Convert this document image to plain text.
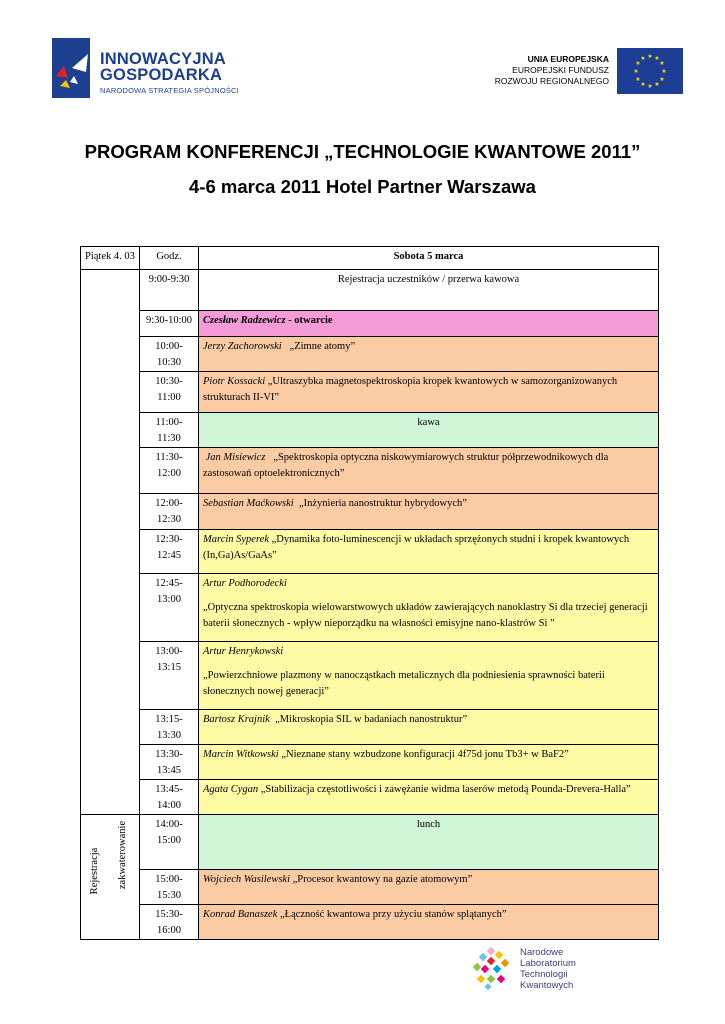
INNOWACYJNA
GOSPODARKA
NARODOWA STRATEGIA SPÓJNOŚCI
UNIA EUROPEJSKA
EUROPEJSKI FUNDUSZ
ROZWOJU REGIONALNEGO
★ ★
★
★
★
★
★
★
★
★
★
★
PROGRAM KONFERENCJI „TECHNOLOGIE KWANTOWE 2011”
4-6 marca 2011 Hotel Partner Warszawa
Piątek 4. 03	Godz.	Sobota 5 marca
	9:00-9:30	Rejestracja uczestników / przerwa kawowa
	9:30-10:00	Czesław Radzewicz - otwarcie
	10:00-10:30	Jerzy Zachorowski „Zimne atomy”
	10:30-11:00	Piotr Kossacki „Ultraszybka magnetospektroskopia kropek kwantowych w samozorganizowanych strukturach II-VI”
	11:00-11:30	kawa
	11:30-12:00	Jan Misiewicz „Spektroskopia optyczna niskowymiarowych struktur półprzewodnikowych dla zastosowań optoelektronicznych”
	12:00-12:30	Sebastian Maćkowski „Inżynieria nanostruktur hybrydowych”
	12:30-12:45	Marcin Syperek „Dynamika foto-luminescencji w układach sprzężonych studni i kropek kwantowych (In,Ga)As/GaAs”
	12:45-13:00	Artur Podhorodecki
„Optyczna spektroskopia wielowarstwowych układów zawierających nanoklastry Si dla trzeciej generacji baterii słonecznych - wpływ nieporządku na własności emisyjne nano-klastrów Si ”

	13:00-13:15	Artur Henrykowski
„Powierzchniowe plazmony w nanocząstkach metalicznych dla podniesienia sprawności baterii słonecznych nowej generacji”

	13:15-13:30	Bartosz Krajnik „Mikroskopia SIL w badaniach nanostruktur”
	13:30-13:45	Marcin Witkowski „Nieznane stany wzbudzone konfiguracji 4f75d jonu Tb3+ w BaF2”
	13:45-14:00	Agata Cygan „Stabilizacja częstotliwości i zawężanie widma laserów metodą Pounda-Drevera-Halla”

Rejestracja zakwaterowanie	14:00-15:00	lunch
	15:00-15:30	Wojciech Wasilewski „Procesor kwantowy na gazie atomowym”
	15:30-16:00	Konrad Banaszek „Łączność kwantowa przy użyciu stanów splątanych”
Narodowe
Laboratorium
Technologii
Kwantowych
